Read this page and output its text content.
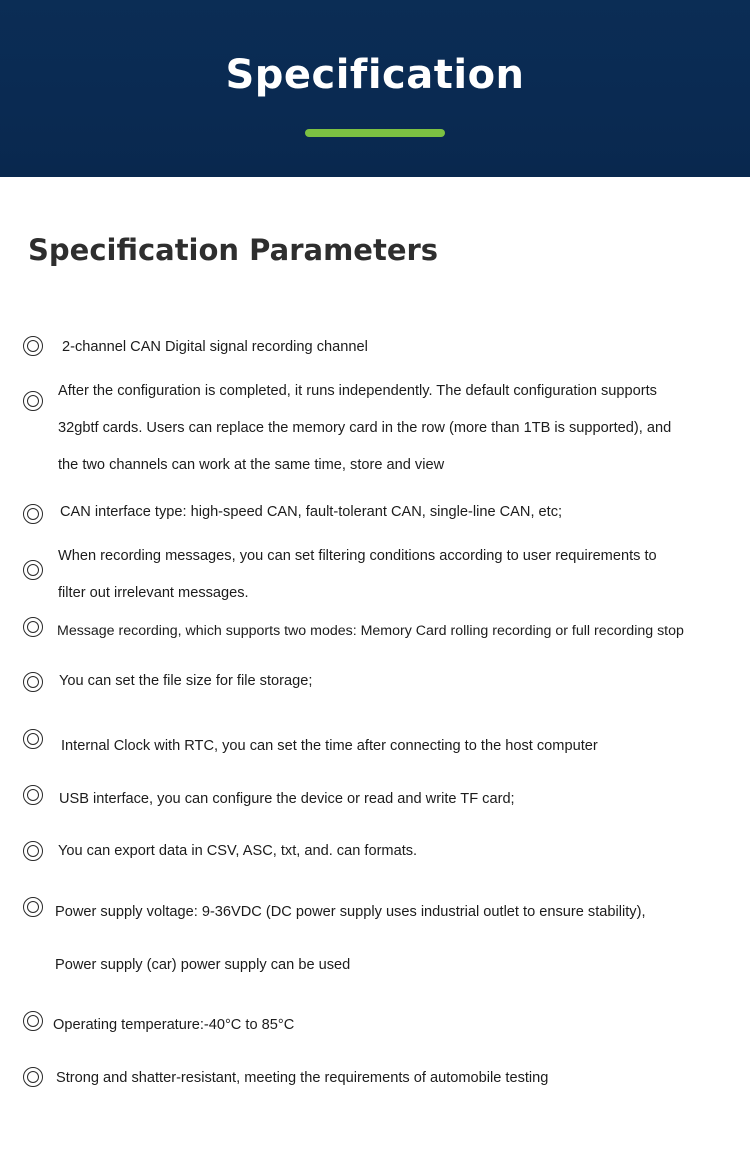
Specification
Specification Parameters
2-channel CAN Digital signal recording channel
After the configuration is completed, it runs independently. The default configuration supports
32gbtf cards. Users can replace the memory card in the row (more than 1TB is supported), and
the two channels can work at the same time, store and view
CAN interface type: high-speed CAN, fault-tolerant CAN, single-line CAN, etc;
When recording messages, you can set filtering conditions according to user requirements to
filter out irrelevant messages.
Message recording, which supports two modes: Memory Card rolling recording or full recording stop
You can set the file size for file storage;
Internal Clock with RTC, you can set the time after connecting to the host computer
USB interface, you can configure the device or read and write TF card;
You can export data in CSV, ASC, txt, and. can formats.
Power supply voltage: 9-36VDC (DC power supply uses industrial outlet to ensure stability),
Power supply (car) power supply can be used
Operating temperature:-40°C to 85°C
Strong and shatter-resistant, meeting the requirements of automobile testing
